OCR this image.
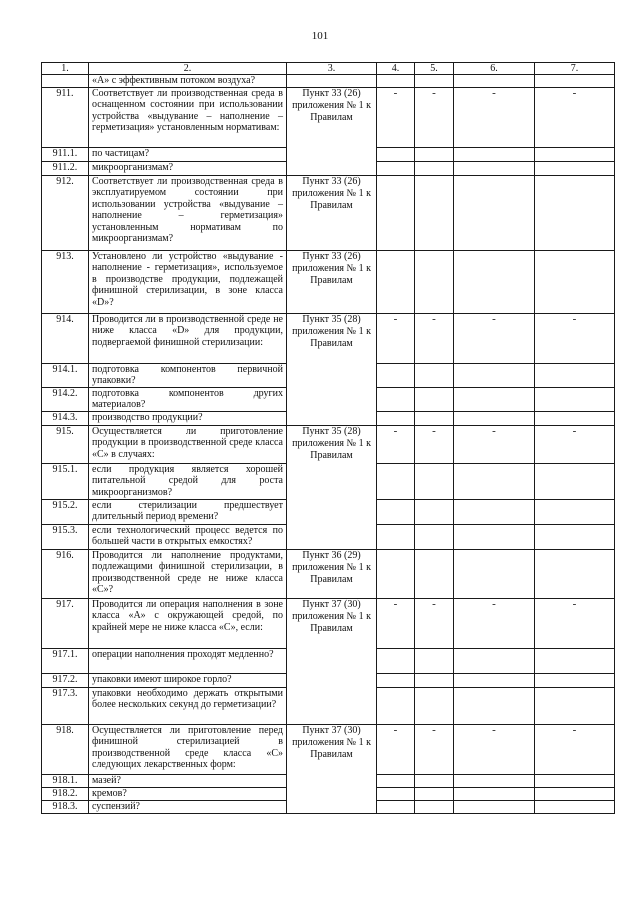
101
1.	2.	3.	4.	5.	6.	7.
	«А» с эффективным потоком воздуха?					
911.	Соответствует ли производственная среда в оснащенном состоянии при использовании устройства «выдувание – наполнение – герметизация» установленным нормативам:	Пункт 33 (26) приложения № 1 к Правилам	-	-	-	-
911.1.	по частицам?					
911.2.	микроорганизмам?					
912.	Соответствует ли производственная среда в эксплуатируемом состоянии при использовании устройства «выдувание – наполнение – герметизация» установленным нормативам по микроорганизмам?	Пункт 33 (26) приложения № 1 к Правилам				
913.	Установлено ли устройство «выдувание - наполнение - герметизация», используемое в производстве продукции, подлежащей финишной стерилизации, в зоне класса «D»?	Пункт 33 (26) приложения № 1 к Правилам				
914.	Проводится ли в производственной среде не ниже класса «D» для продукции, подвергаемой финишной стерилизации:	Пункт 35 (28) приложения № 1 к Правилам	-	-	-	-
914.1.	подготовка компонентов первичной упаковки?					
914.2.	подготовка компонентов других материалов?					
914.3.	производство продукции?					
915.	Осуществляется ли приготовление продукции в производственной среде класса «С» в случаях:	Пункт 35 (28) приложения № 1 к Правилам	-	-	-	-
915.1.	если продукция является хорошей питательной средой для роста микроорганизмов?					
915.2.	если стерилизации предшествует длительный период времени?					
915.3.	если технологический процесс ведется по большей части в открытых емкостях?					
916.	Проводится ли наполнение продуктами, подлежащими финишной стерилизации, в производственной среде не ниже класса «С»?	Пункт 36 (29) приложения № 1 к Правилам				
917.	Проводится ли операция наполнения в зоне класса «А» с окружающей средой, по крайней мере не ниже класса «С», если:	Пункт 37 (30) приложения № 1 к Правилам	-	-	-	-
917.1.	операции наполнения проходят медленно?					
917.2.	упаковки имеют широкое горло?					
917.3.	упаковки необходимо держать открытыми более нескольких секунд до герметизации?					
918.	Осуществляется ли приготовление перед финишной стерилизацией в производственной среде класса «С» следующих лекарственных форм:	Пункт 37 (30) приложения № 1 к Правилам	-	-	-	-
918.1.	мазей?					
918.2.	кремов?					
918.3.	суспензий?					
